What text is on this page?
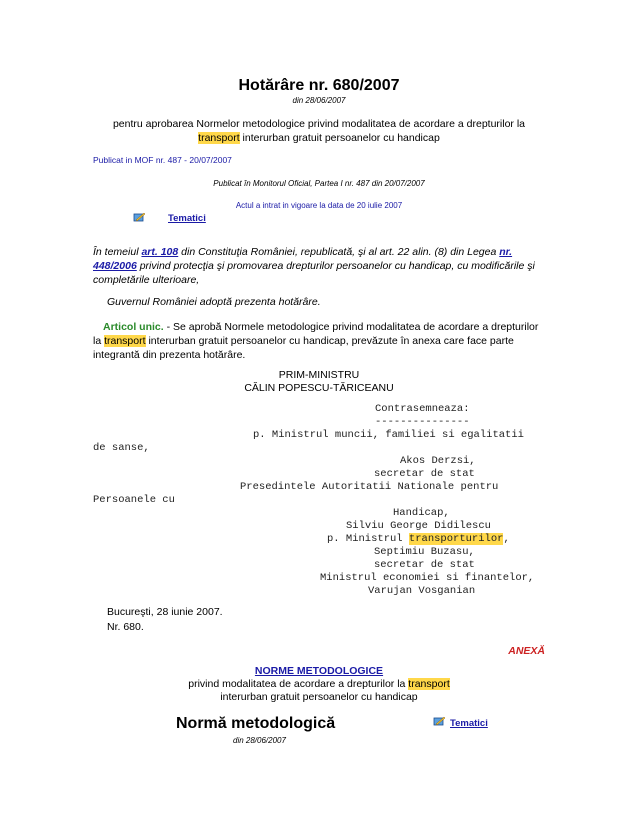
Hotărâre nr. 680/2007
din 28/06/2007
pentru aprobarea Normelor metodologice privind modalitatea de acordare a drepturilor la
transport interurban gratuit persoanelor cu handicap
Publicat in MOF nr. 487 - 20/07/2007
Publicat în Monitorul Oficial, Partea I nr. 487 din 20/07/2007
Actul a intrat in vigoare la data de 20 iulie 2007
Tematici
În temeiul art. 108 din Constituţia României, republicată, şi al art. 22 alin. (8) din Legea nr.
448/2006 privind protecţia şi promovarea drepturilor persoanelor cu handicap, cu modificările şi completările ulterioare,
Guvernul României adoptă prezenta hotărâre.
Articol unic. - Se aprobă Normele metodologice privind modalitatea de acordare a drepturilor la transport interurban gratuit persoanelor cu handicap, prevăzute în anexa care face parte integrantă din prezenta hotărâre.
PRIM-MINISTRU
CĂLIN POPESCU-TĂRICEANU
Contrasemneaza:
---------------
p. Ministrul muncii, familiei si egalitatii
de sanse,
Akos Derzsi,
secretar de stat
Presedintele Autoritatii Nationale pentru
Persoanele cu
Handicap,
Silviu George Didilescu
p. Ministrul transporturilor,
Septimiu Buzasu,
secretar de stat
Ministrul economiei si finantelor,
Varujan Vosganian
Bucureşti, 28 iunie 2007.
Nr. 680.
ANEXĂ
NORME METODOLOGICE
privind modalitatea de acordare a drepturilor la transport
interurban gratuit persoanelor cu handicap
Normă metodologică
din 28/06/2007
Tematici
